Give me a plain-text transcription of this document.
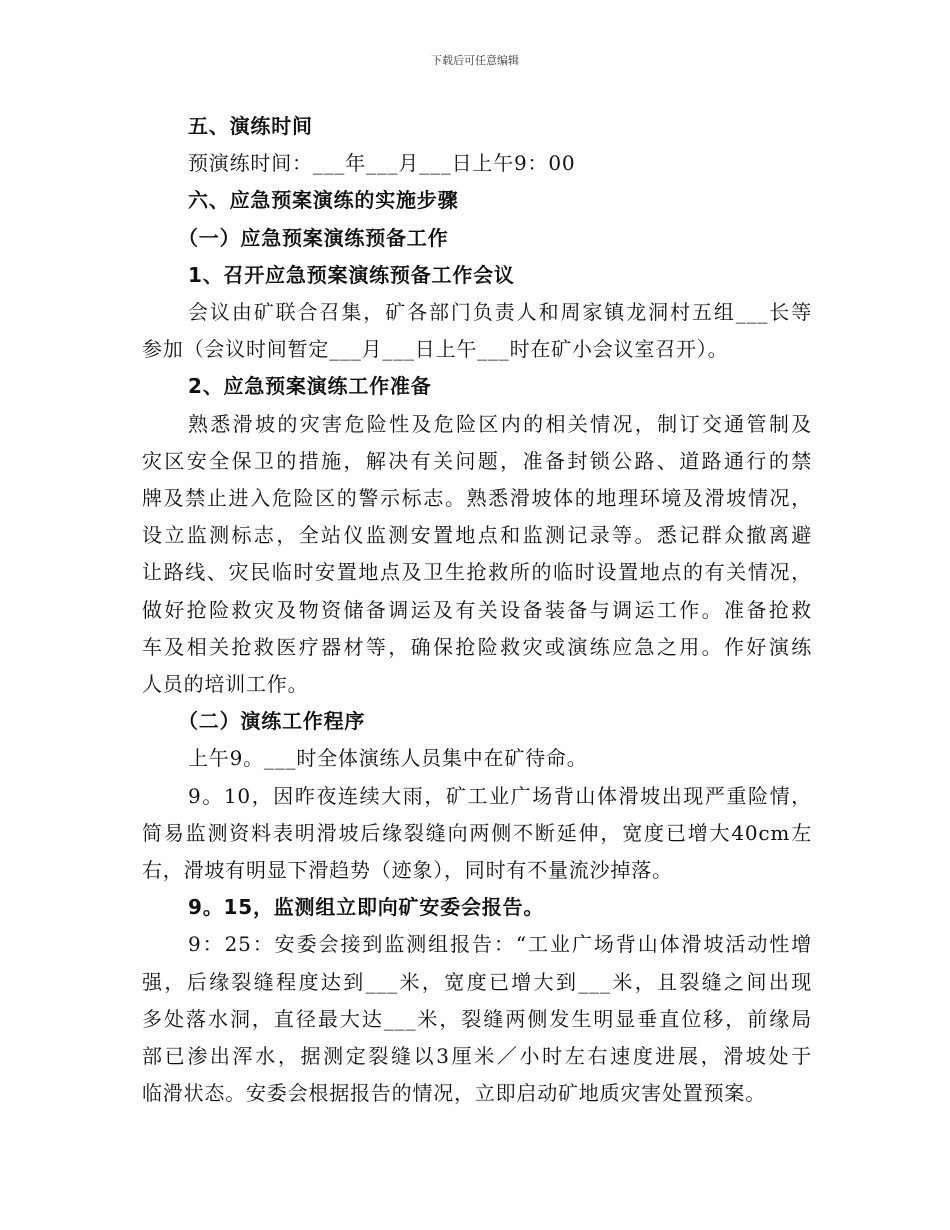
下载后可任意编辑
五、演练时间
预演练时间：___年___月___日上午9：00
六、应急预案演练的实施步骤
（一）应急预案演练预备工作
1、召开应急预案演练预备工作会议
会议由矿联合召集，矿各部门负责人和周家镇龙洞村五组___长等
参加（会议时间暂定___月___日上午___时在矿小会议室召开）。
2、应急预案演练工作准备
熟悉滑坡的灾害危险性及危险区内的相关情况，制订交通管制及
灾区安全保卫的措施，解决有关问题，准备封锁公路、道路通行的禁
牌及禁止进入危险区的警示标志。熟悉滑坡体的地理环境及滑坡情况，
设立监测标志，全站仪监测安置地点和监测记录等。悉记群众撤离避
让路线、灾民临时安置地点及卫生抢救所的临时设置地点的有关情况，
做好抢险救灾及物资储备调运及有关设备装备与调运工作。准备抢救
车及相关抢救医疗器材等，确保抢险救灾或演练应急之用。作好演练
人员的培训工作。
（二）演练工作程序
上午9。___时全体演练人员集中在矿待命。
9。10，因昨夜连续大雨，矿工业广场背山体滑坡出现严重险情，
简易监测资料表明滑坡后缘裂缝向两侧不断延伸，宽度已增大40cm左
右，滑坡有明显下滑趋势（迹象），同时有不量流沙掉落。
9。15，监测组立即向矿安委会报告。
9：25：安委会接到监测组报告：“工业广场背山体滑坡活动性增
强，后缘裂缝程度达到___米，宽度已增大到___米，且裂缝之间出现
多处落水洞，直径最大达___米，裂缝两侧发生明显垂直位移，前缘局
部已渗出浑水，据测定裂缝以3厘米／小时左右速度进展，滑坡处于
临滑状态。安委会根据报告的情况，立即启动矿地质灾害处置预案。
